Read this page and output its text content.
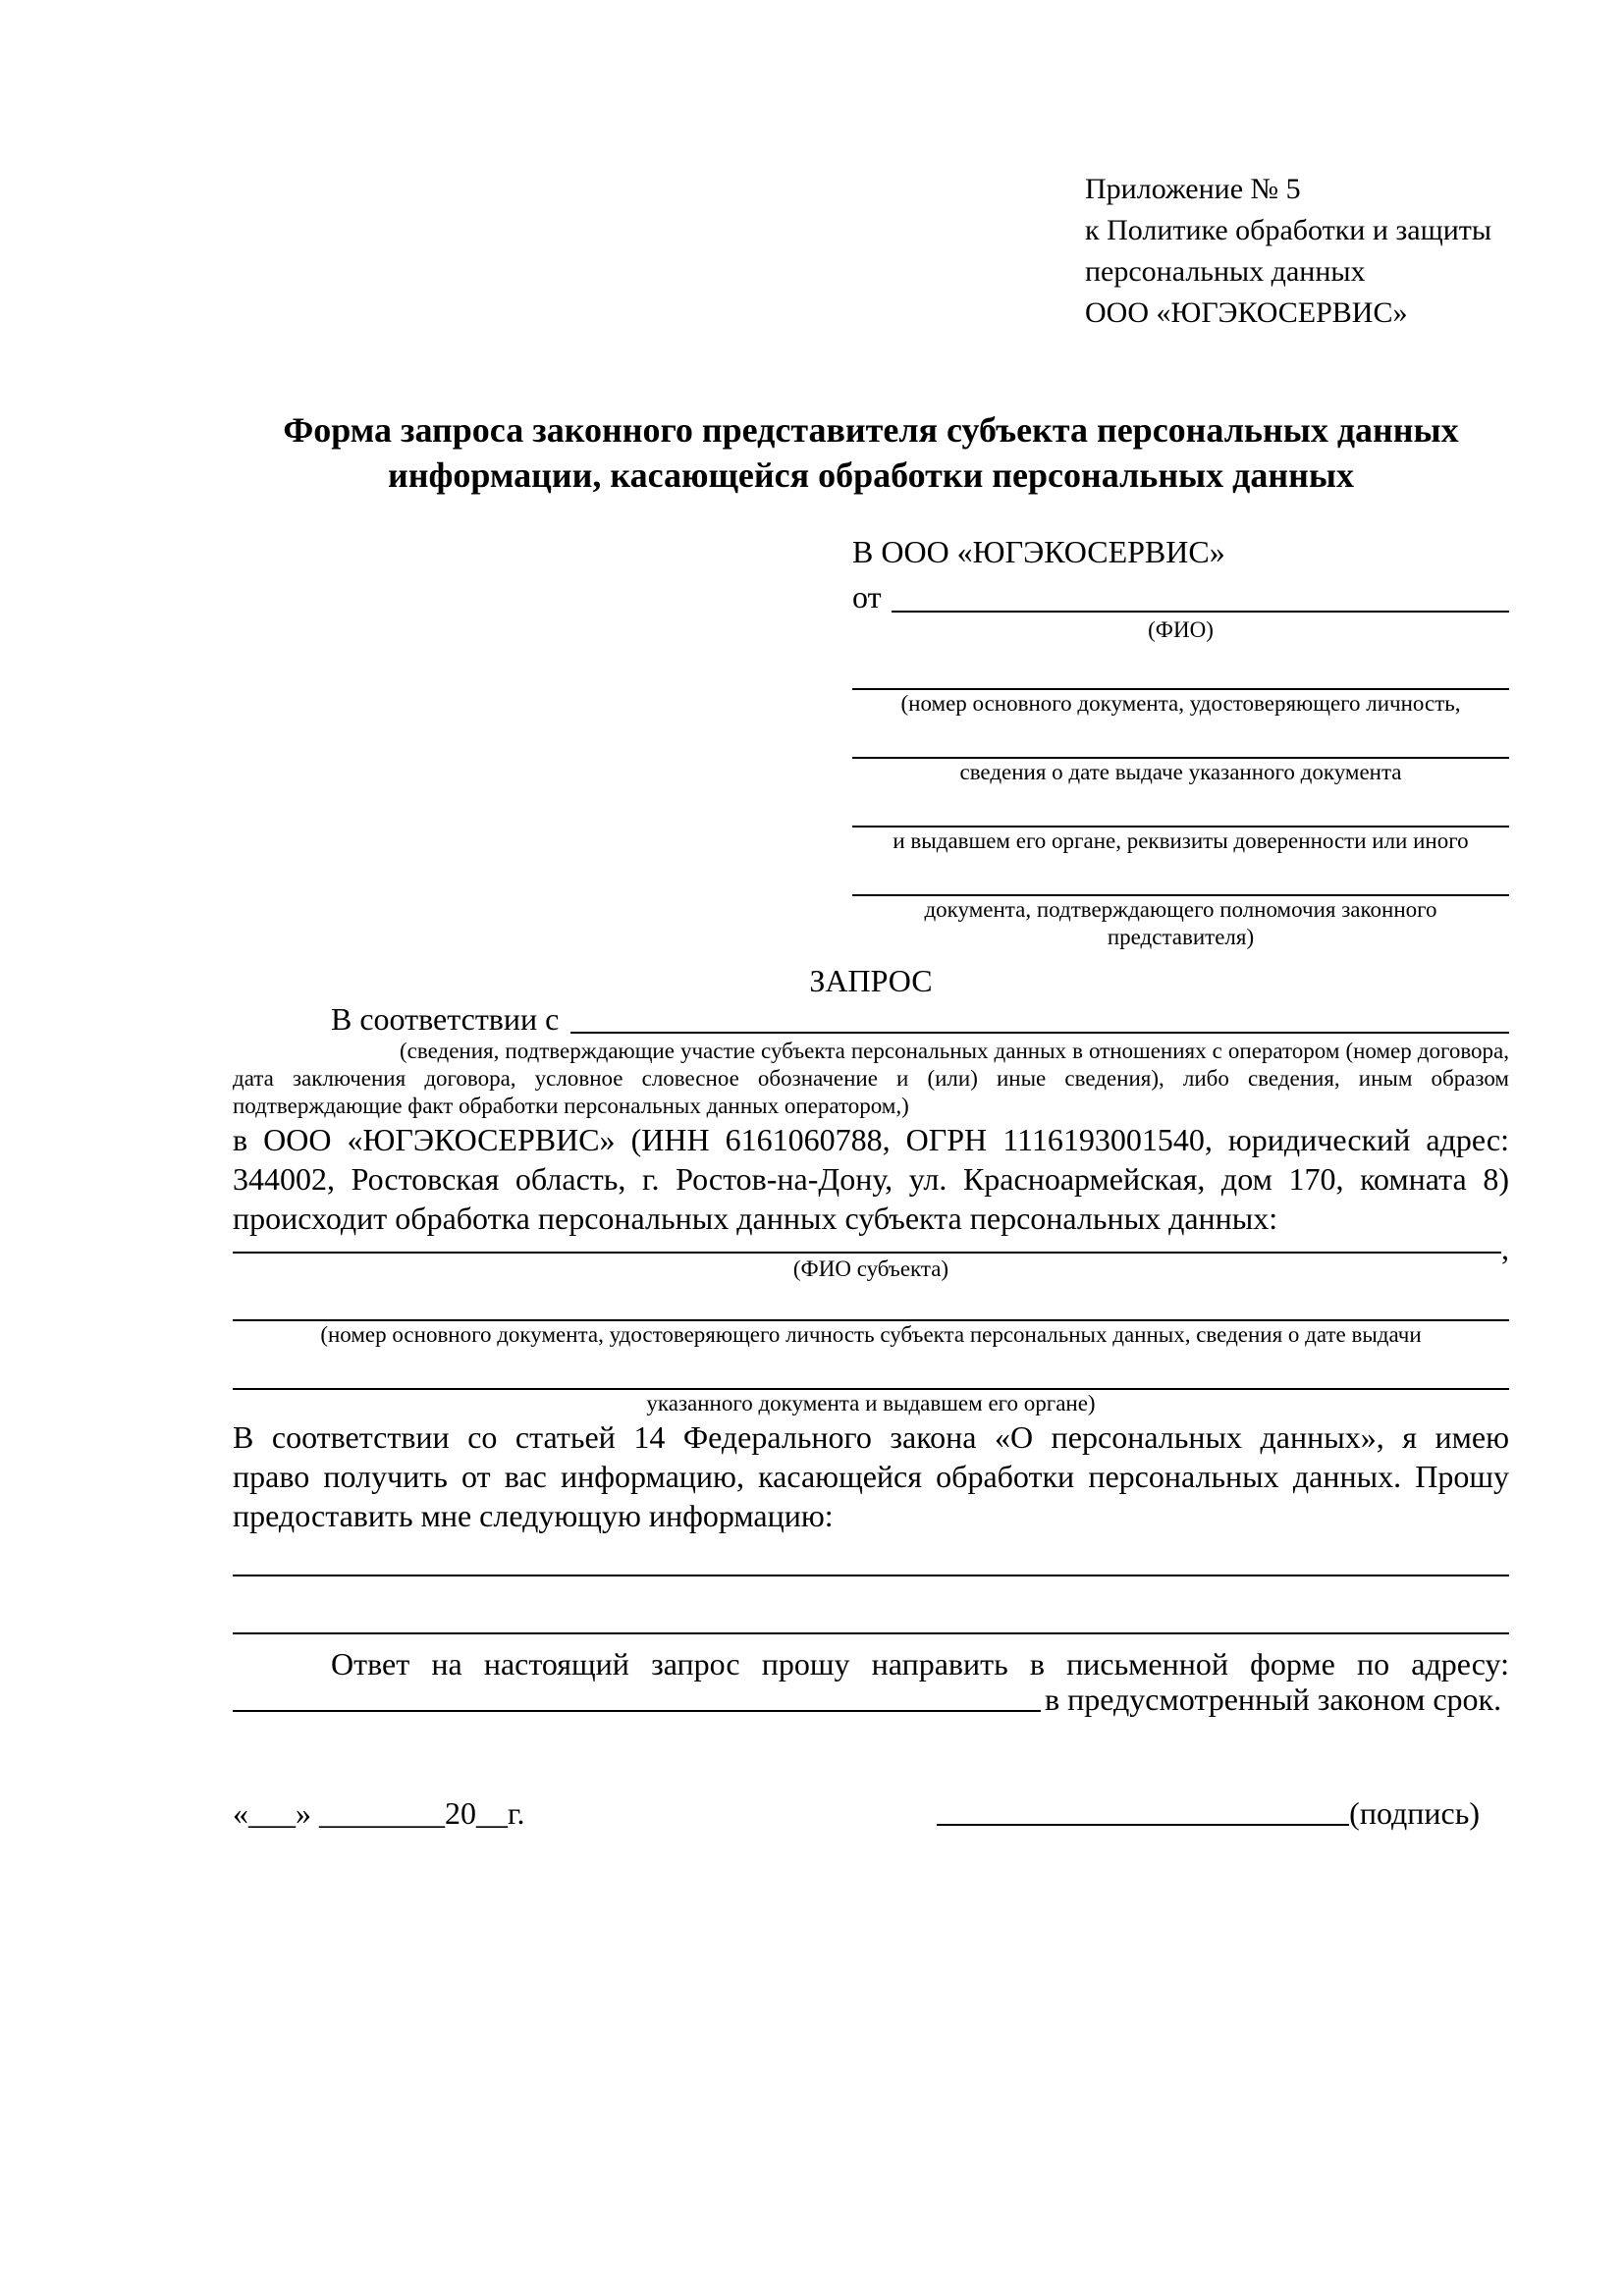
Приложение № 5
к Политике обработки и защиты
персональных данных
ООО «ЮГЭКОСЕРВИС»
Форма запроса законного представителя субъекта персональных данных
информации, касающейся обработки персональных данных
В ООО «ЮГЭКОСЕРВИС»
от
(ФИО)
(номер основного документа, удостоверяющего личность,
сведения о дате выдаче указанного документа
и выдавшем его органе, реквизиты доверенности или иного
документа, подтверждающего полномочия законного представителя)
ЗАПРОС
В соответствии с
(сведения, подтверждающие участие субъекта персональных данных в отношениях с оператором (номер договора, дата заключения договора, условное словесное обозначение и (или) иные сведения), либо сведения, иным образом подтверждающие факт обработки персональных данных оператором,)
в ООО «ЮГЭКОСЕРВИС» (ИНН 6161060788, ОГРН 1116193001540, юридический адрес:
344002, Ростовская область, г. Ростов-на-Дону, ул. Красноармейская, дом 170, комната 8)
происходит обработка персональных данных субъекта персональных данных:
,
(ФИО субъекта)
(номер основного документа, удостоверяющего личность субъекта персональных данных, сведения о дате выдачи
указанного документа и выдавшем его органе)
В соответствии со статьей 14 Федерального закона «О персональных данных», я имею
право получить от вас информацию, касающейся обработки персональных данных. Прошу
предоставить мне следующую информацию:
Ответ на настоящий запрос прошу направить в письменной форме по адресу:
в предусмотренный законом срок.
«___» ________20__г.	(подпись)
